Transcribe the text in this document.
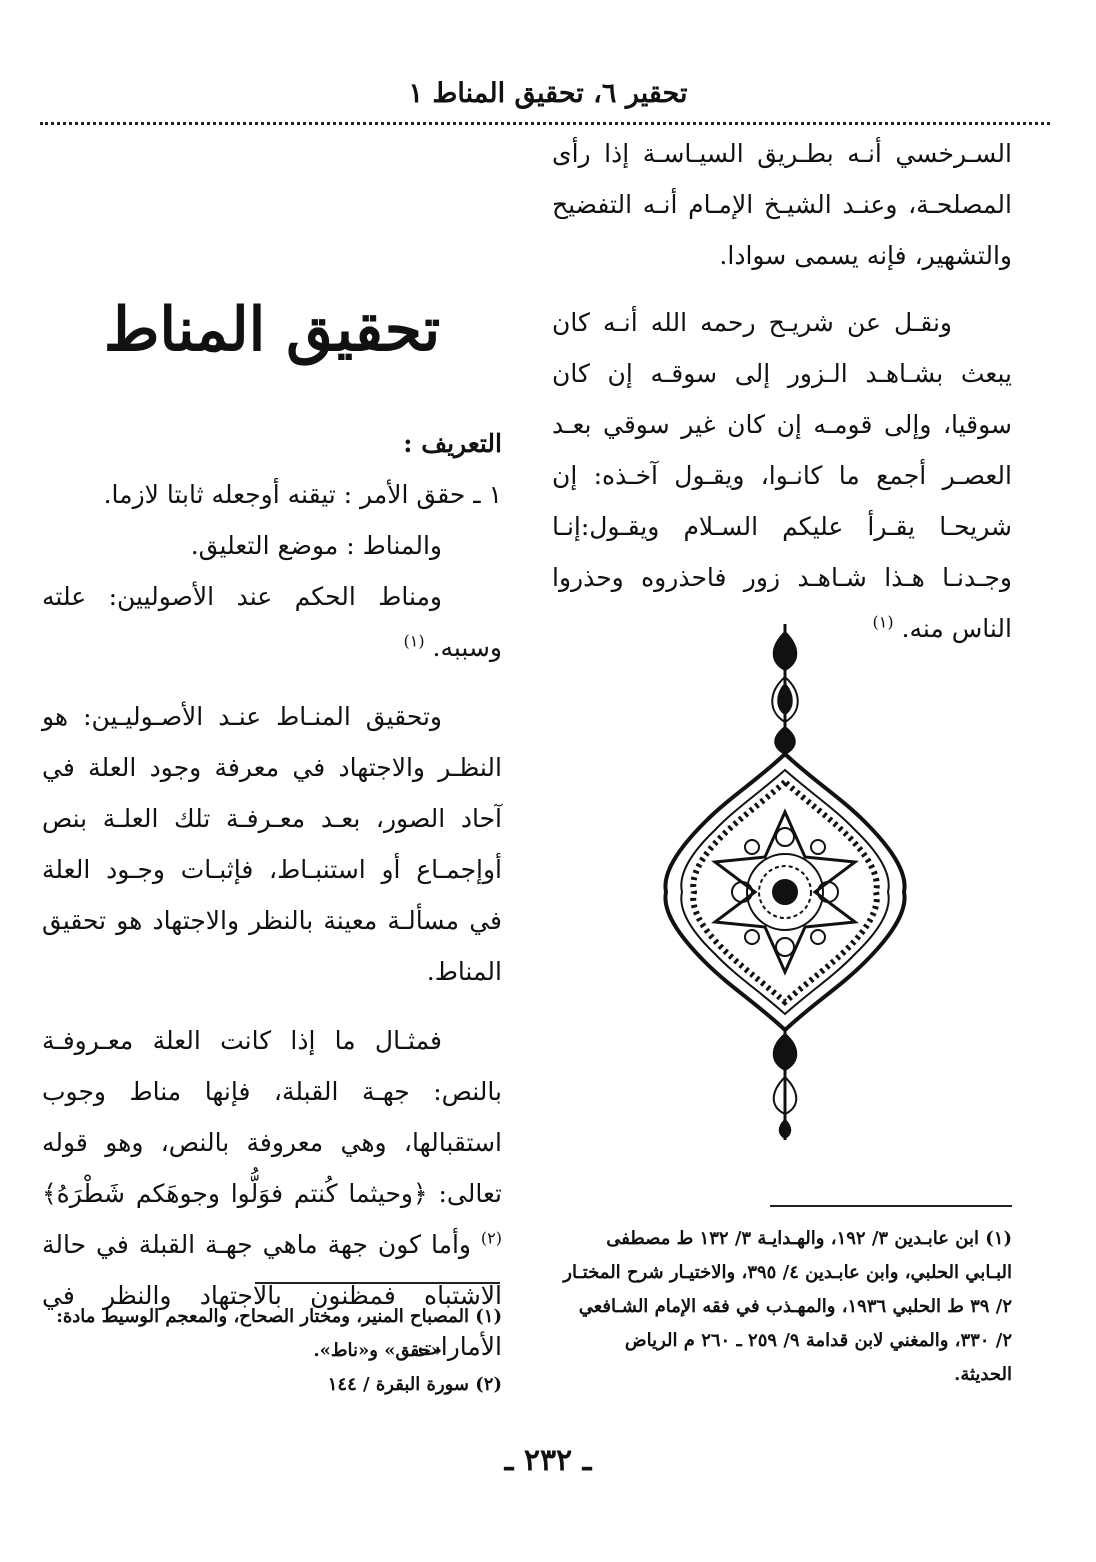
تحقير ٦، تحقيق المناط ١

السـرخسي أنـه بطـريق السيـاسـة إذا رأى المصلحـة، وعنـد الشيـخ الإمـام أنـه التفضيح والتشهير، فإنه يسمى سوادا.

ونقـل عن شريـح رحمه الله أنـه كان يبعث بشـاهـد الـزور إلى سوقـه إن كان سوقيا، وإلى قومـه إن كان غير سوقي بعـد العصـر أجمع ما كانـوا، ويقـول آخـذه: إن شريحـا يقـرأ عليكم السـلام ويقـول:إنـا وجـدنـا هـذا شـاهـد زور فاحذروه وحذروا الناس منه. $^{(١)}$

(١) ابن عابـدين ٣/ ١٩٢، والهـدايـة ٣/ ١٣٢ ط مصطفى البـابي الحلبي، وابن عابـدين ٤/ ٣٩٥، والاختيـار شرح المختـار ٢/ ٣٩ ط الحلبي ١٩٣٦، والمهـذب في فقه الإمام الشـافعي ٢/ ٣٣٠، والمغني لابن قدامة ٩/ ٢٥٩ ـ ٢٦٠ م الرياض الحديثة.

تحقيق المناط

التعريف :

١ ـ حقق الأمر : تيقنه أوجعله ثابتا لازما.

والمناط : موضع التعليق.

ومناط الحكم عند الأصوليين: علته وسببه. $^{(١)}$

وتحقيق المنـاط عنـد الأصـوليـين: هو النظـر والاجتهاد في معرفة وجود العلة في آحاد الصور، بعـد معـرفـة تلك العلـة بنص أوإجمـاع أو استنبـاط، فإثبـات وجـود العلة في مسألـة معينة بالنظر والاجتهاد هو تحقيق المناط.

فمثـال ما إذا كانت العلة معـروفـة بالنص: جهـة القبلة، فإنها مناط وجوب استقبالها، وهي معروفة بالنص، وهو قوله تعالى: ﴿وحيثما كُنتم فوَلُّوا وجوهَكم شَطْرَهُ﴾$^{(٢)}$ وأما كون جهة ماهي جهـة القبلة في حالة الاشتباه فمظنون بالاجتهاد والنظر في الأمارات.

(١) المصباح المنير، ومختار الصحاح، والمعجم الوسيط مادة:

«حقق» و«ناط».

(٢) سورة البقرة / ١٤٤

ـ ٢٣٢ ـ
